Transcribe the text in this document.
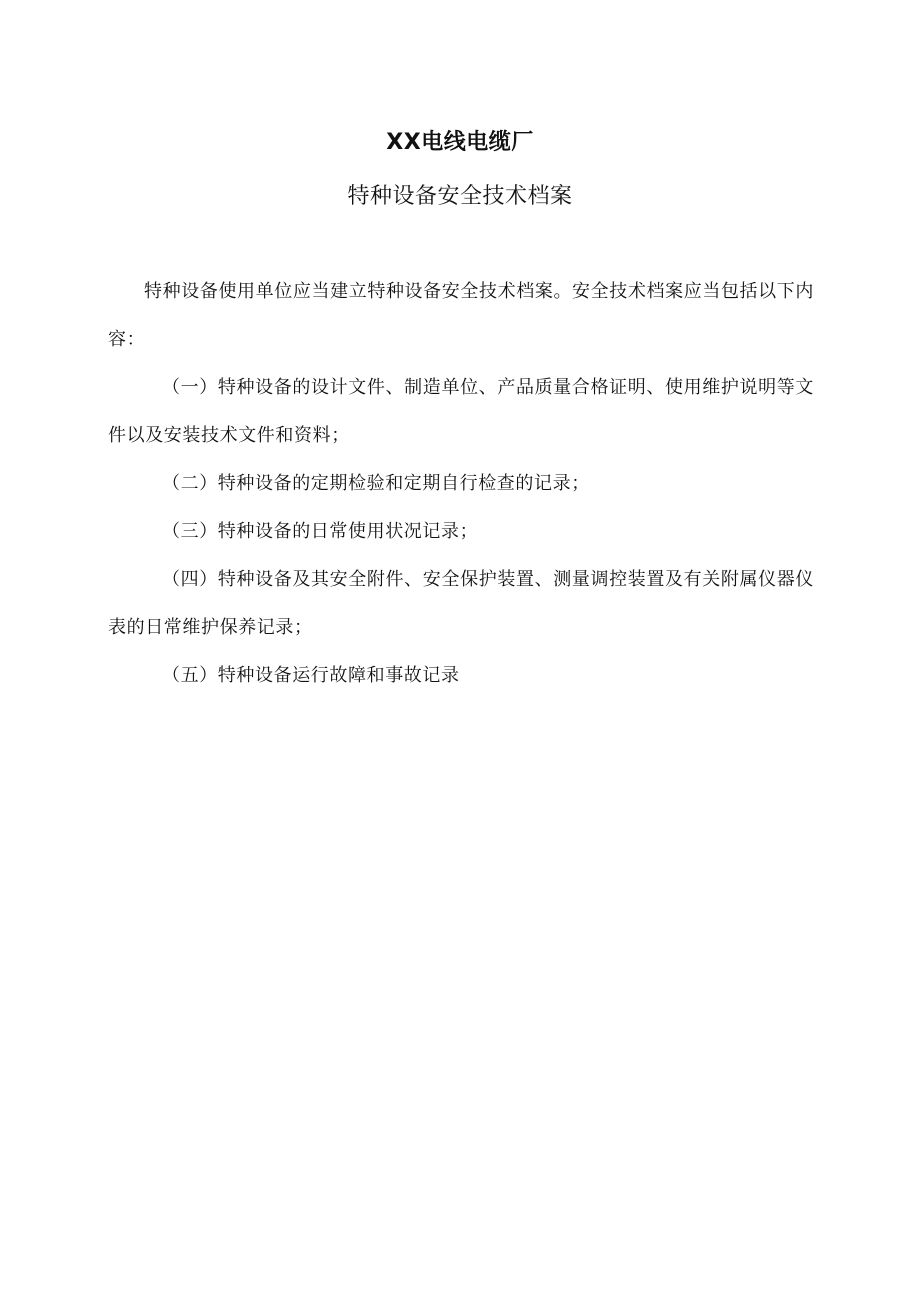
XX电线电缆厂
特种设备安全技术档案

特种设备使用单位应当建立特种设备安全技术档案。安全技术档案应当包括以下内容：

（一）特种设备的设计文件、制造单位、产品质量合格证明、使用维护说明等文件以及安装技术文件和资料；

（二）特种设备的定期检验和定期自行检查的记录；

（三）特种设备的日常使用状况记录；

（四）特种设备及其安全附件、安全保护装置、测量调控装置及有关附属仪器仪表的日常维护保养记录；

（五）特种设备运行故障和事故记录
